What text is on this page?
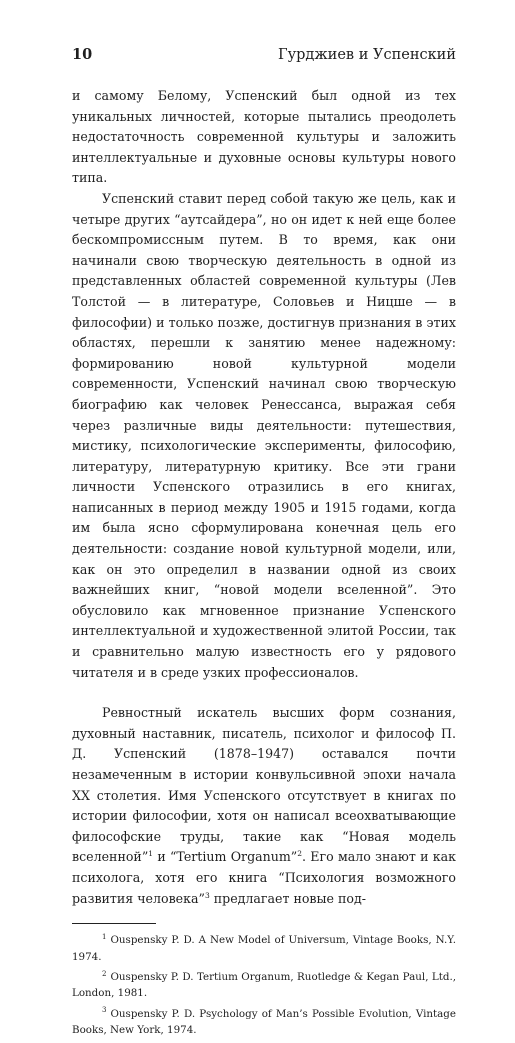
10	Гурджиев и Успенский

и самому Белому, Успенский был одной из тех уникальных личностей, которые пытались преодолеть недостаточность современной культуры и заложить интеллектуальные и духовные основы культуры нового типа.

Успенский ставит перед собой такую же цель, как и четыре других “аутсайдера”, но он идет к ней еще более бескомпромиссным путем. В то время, как они начинали свою творческую деятельность в одной из представленных областей современной культуры (Лев Толстой — в литературе, Соловьев и Ницше — в философии) и только позже, достигнув признания в этих областях, перешли к занятию менее надежному: формированию новой культурной модели современности, Успенский начинал свою творческую биографию как человек Ренессанса, выражая себя через различные виды деятельности: путешествия, мистику, психологические эксперименты, философию, литературу, литературную критику. Все эти грани личности Успенского отразились в его книгах, написанных в период между 1905 и 1915 годами, когда им была ясно сформулирована конечная цель его деятельности: создание новой культурной модели, или, как он это определил в названии одной из своих важнейших книг, “новой модели вселенной”. Это обусловило как мгновенное признание Успенского интеллектуальной и художественной элитой России, так и сравнительно малую известность его у рядового читателя и в среде узких профессионалов.

Ревностный искатель высших форм сознания, духовный наставник, писатель, психолог и философ П. Д. Успенский (1878–1947) оставался почти незамеченным в истории конвульсивной эпохи начала XX столетия. Имя Успенского отсутствует в книгах по истории философии, хотя он написал всеохватывающие философские труды, такие как “Новая модель вселенной”$^1$ и “Tertium Organum”$^2$. Его мало знают и как психолога, хотя его книга “Психология возможного развития человека”$^3$ предлагает новые под-

$^1$ Ouspensky P. D. A New Model of Universum, Vintage Books, N.Y. 1974.

$^2$ Ouspensky P. D. Tertium Organum, Ruotledge & Kegan Paul, Ltd., London, 1981.

$^3$ Ouspensky P. D. Psychology of Man’s Possible Evolution, Vintage Books, New York, 1974.
